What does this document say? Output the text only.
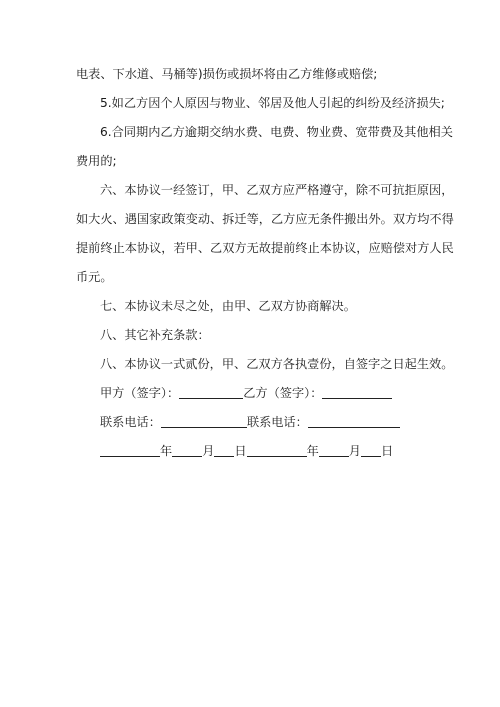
电表、下水道、马桶等)损伤或损坏将由乙方维修或赔偿;

5.如乙方因个人原因与物业、邻居及他人引起的纠纷及经济损失;

6.合同期内乙方逾期交纳水费、电费、物业费、宽带费及其他相关

费用的;

六、本协议一经签订，甲、乙双方应严格遵守，除不可抗拒原因，

如大火、遇国家政策变动、拆迁等，乙方应无条件搬出外。双方均不得

提前终止本协议，若甲、乙双方无故提前终止本协议，应赔偿对方人民

币元。

七、本协议未尽之处，由甲、乙双方协商解决。

八、其它补充条款：

八、本协议一式贰份，甲、乙双方各执壹份，自签字之日起生效。

甲方（签字）：	乙方（签字）：

联系电话：	联系电话：

年 月 日	年 月 日
